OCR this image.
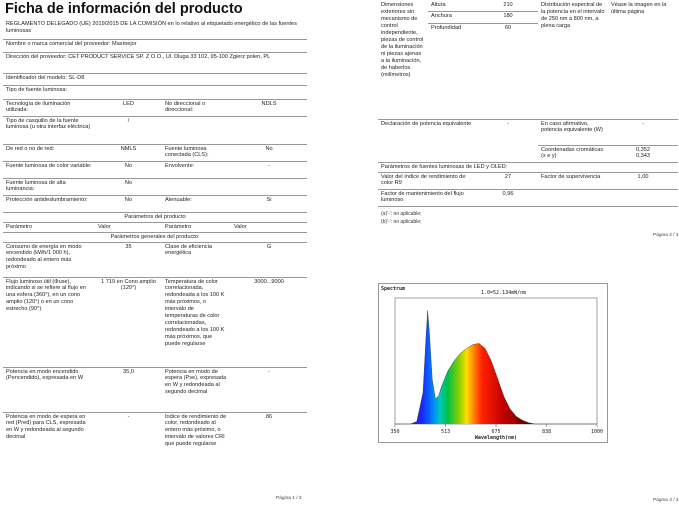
Ficha de información del producto
REGLAMENTO DELEGADO (UE) 2019/2015 DE LA COMISIÓN en lo relativo al etiquetado energético de las fuentes luminosas			
Nombre o marca comercial del proveedor: Masmejor			
Dirección del proveedor: CET PRODUCT SERVICE SP. Z O.O., Ul. Dluga 33 102, 95-100 Zgierz polen, PL			
Identificador del modelo: SL-D8			
Tipo de fuente luminosa:			
Tecnología de iluminación utilizada:	LED	No direccional o direccional:	NDLS
Tipo de casquillo de la fuente luminosa (u otra interfaz eléctrica)	/		
De red o no de red:	NMLS	Fuente luminosa conectada (CLS):	No
Fuente luminosa de color variable:	No	Envolvente:	-
Fuente luminosa de alta luminancia:	No		
Protección antideslumbramiento:	No	Atenuable:	Si
Parámetros del producto			
Parámetro	Valor	Parámetro	Valor
Parámetros generales del producto:			
Consumo de energía en modo encendido (kWh/1 000 h), redondeado al entero más próximo	35	Clase de eficiencia energética	G
Flujo luminoso útil (Φuse), indicando si se refiere al flujo en una esfera (360°), en un cono amplio (120°) o en un cono estrecho (90°)	1 719 en Cono amplio (120°)	Temperatura de color correlacionada, redondeada a los 100 K más próximos, o intervalo de temperaturas de color correlacionadas, redondeado a los 100 K más próximos, que puede regularse	3000...9000
Potencia en modo encendido (Pencendido), expresada en W	35,0	Potencia en modo de espera (Pse), expresada en W y redondeada al segundo decimal	-
Potencia en modo de espera en red (Pred) para CLS, expresada en W y redondeada al segundo decimal	-	Índice de rendimiento de color, redondeado al entero más próximo, o intervalo de valores CRI que puede regularse	86
Página 1 / 3
Dimensiones exteriores sin mecanismo de control independiente, piezas de control de la iluminación ni piezas ajenas a la iluminación, de haberlos (milímetros)	Altura	210	Distribución espectral de la potencia en el intervalo de 250 nm a 800 nm, a plena carga	Véase la imagen en la última página
	Anchura	180		
	Profundidad	60		
Declaración de potencia equivalente		-	En caso afirmativo, potencia equivalente (W)	-
			Coordenadas cromáticas (x e y)	0,352
0,343

Parámetros de fuentes luminosas de LED y OLED:				
Valor del índice de rendimiento de color R9		27	Factor de supervivencia	1,00
Factor de mantenimiento del flujo luminoso		0,96		

(a)'-': no aplicable;
(b)'-': no aplicable;				
Página 2 / 3
350	513	675	838	1000
Wavelength(nm)
Spectrum
1.0=52.134mW/nm
Página 3 / 3
